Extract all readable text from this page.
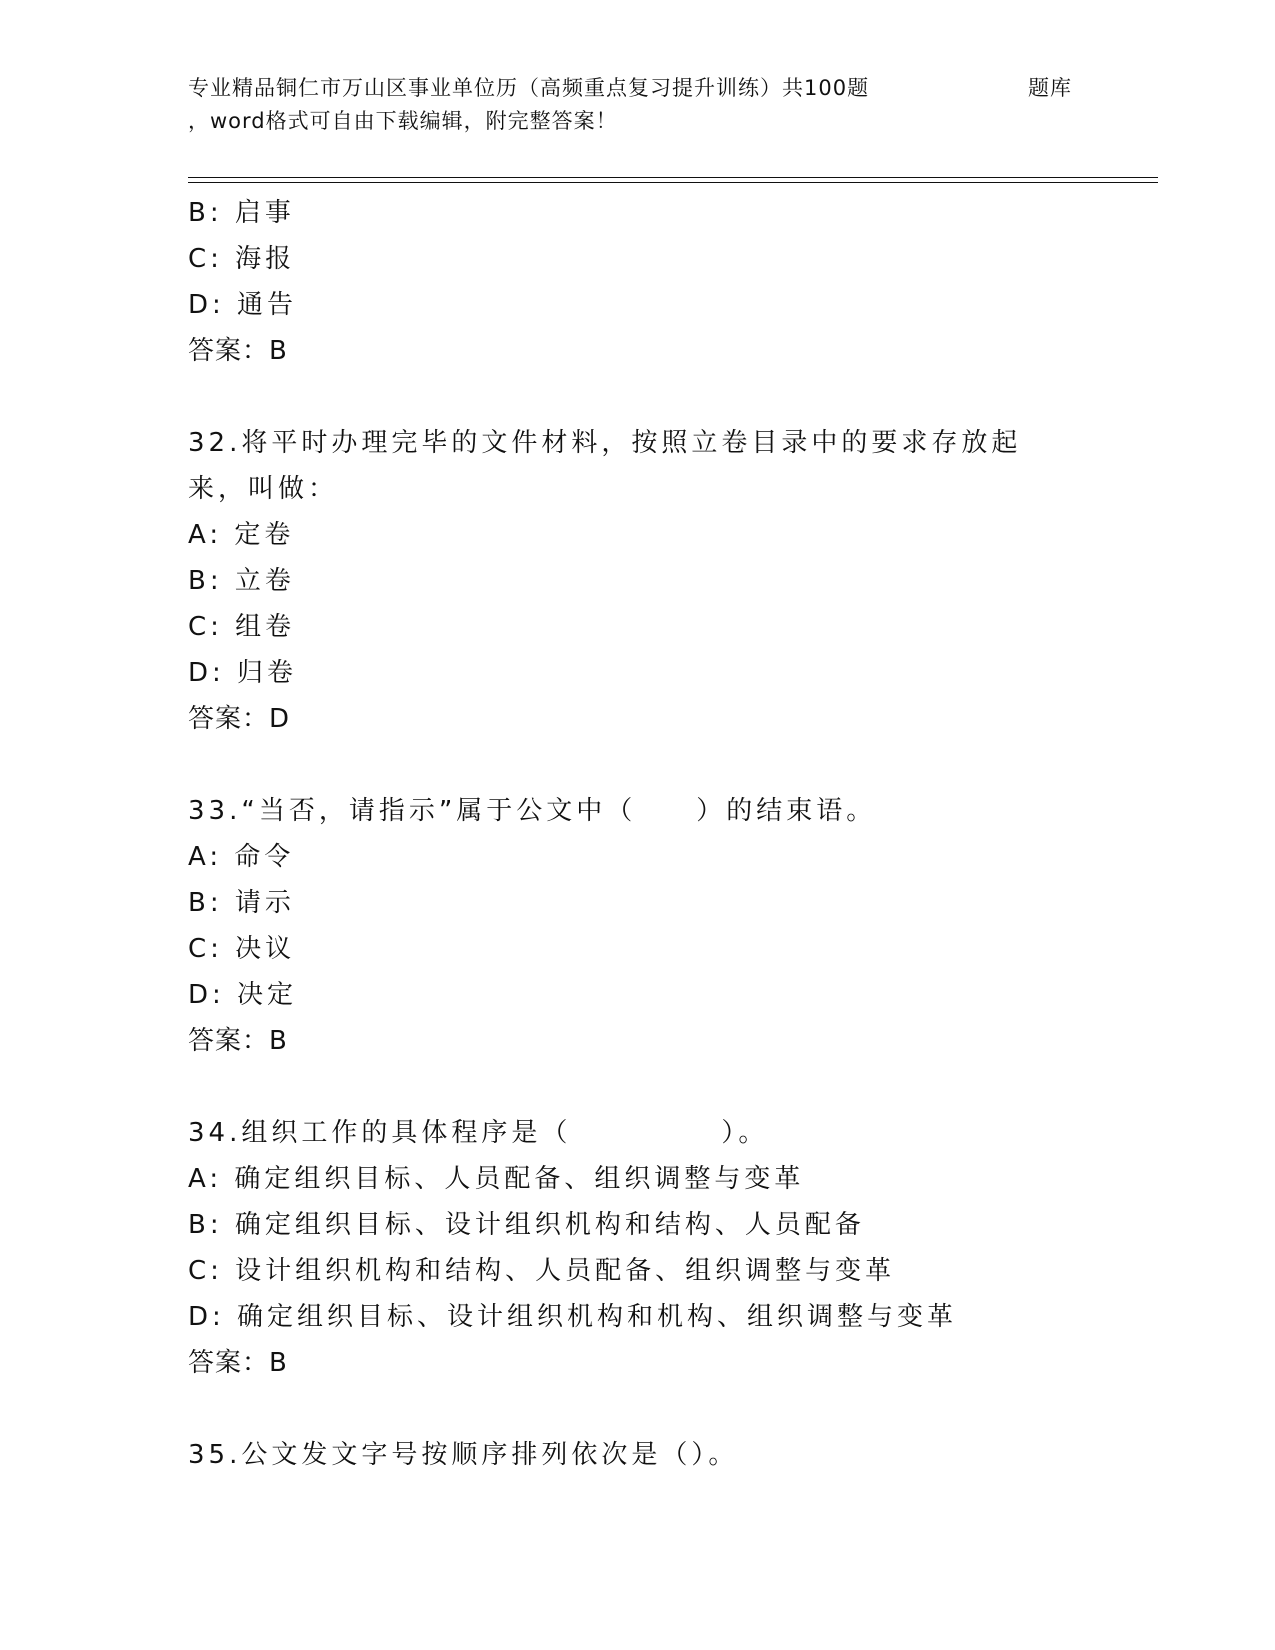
专业精品铜仁市万山区事业单位历（高频重点复习提升训练）共100题	题库
，word格式可自由下载编辑，附完整答案！
B: 启事
C: 海报
D: 通告
答案：B
32.将平时办理完毕的文件材料，按照立卷目录中的要求存放起来，叫做：
A: 定卷
B: 立卷
C: 组卷
D: 归卷
答案：D
33.“当否，请指示”属于公文中（　　）的结束语。
A: 命令
B: 请示
C: 决议
D: 决定
答案：B
34.组织工作的具体程序是（　　　　　）。
A: 确定组织目标、人员配备、组织调整与变革
B: 确定组织目标、设计组织机构和结构、人员配备
C: 设计组织机构和结构、人员配备、组织调整与变革
D: 确定组织目标、设计组织机构和机构、组织调整与变革
答案：B
35.公文发文字号按顺序排列依次是（）。
